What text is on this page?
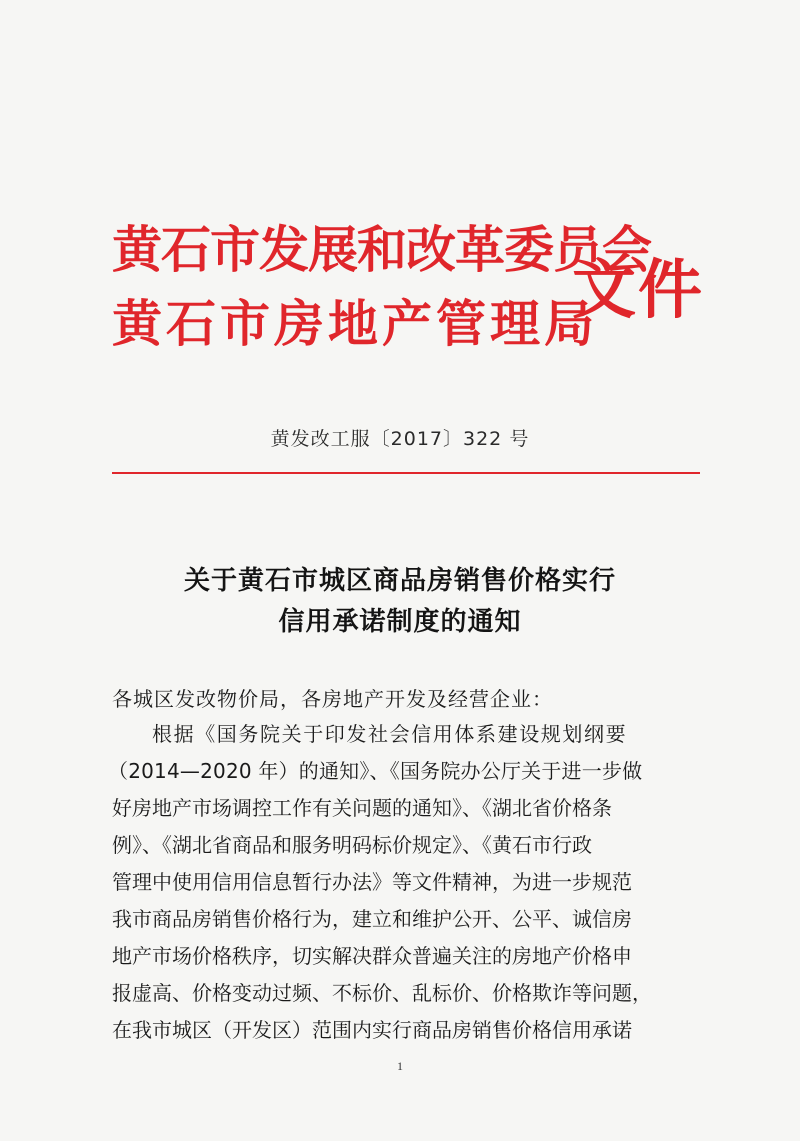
黄石市发展和改革委员会
黄石市房地产管理局
文件
黄发改工服〔2017〕322 号
关于黄石市城区商品房销售价格实行
信用承诺制度的通知

各城区发改物价局，各房地产开发及经营企业：

根据《国务院关于印发社会信用体系建设规划纲要

（2014—2020 年）的通知》、《国务院办公厅关于进一步做

好房地产市场调控工作有关问题的通知》、《湖北省价格条

例》、《湖北省商品和服务明码标价规定》、《黄石市行政

管理中使用信用信息暂行办法》等文件精神，为进一步规范

我市商品房销售价格行为，建立和维护公开、公平、诚信房

地产市场价格秩序，切实解决群众普遍关注的房地产价格申

报虚高、价格变动过频、不标价、乱标价、价格欺诈等问题，

在我市城区（开发区）范围内实行商品房销售价格信用承诺

1
